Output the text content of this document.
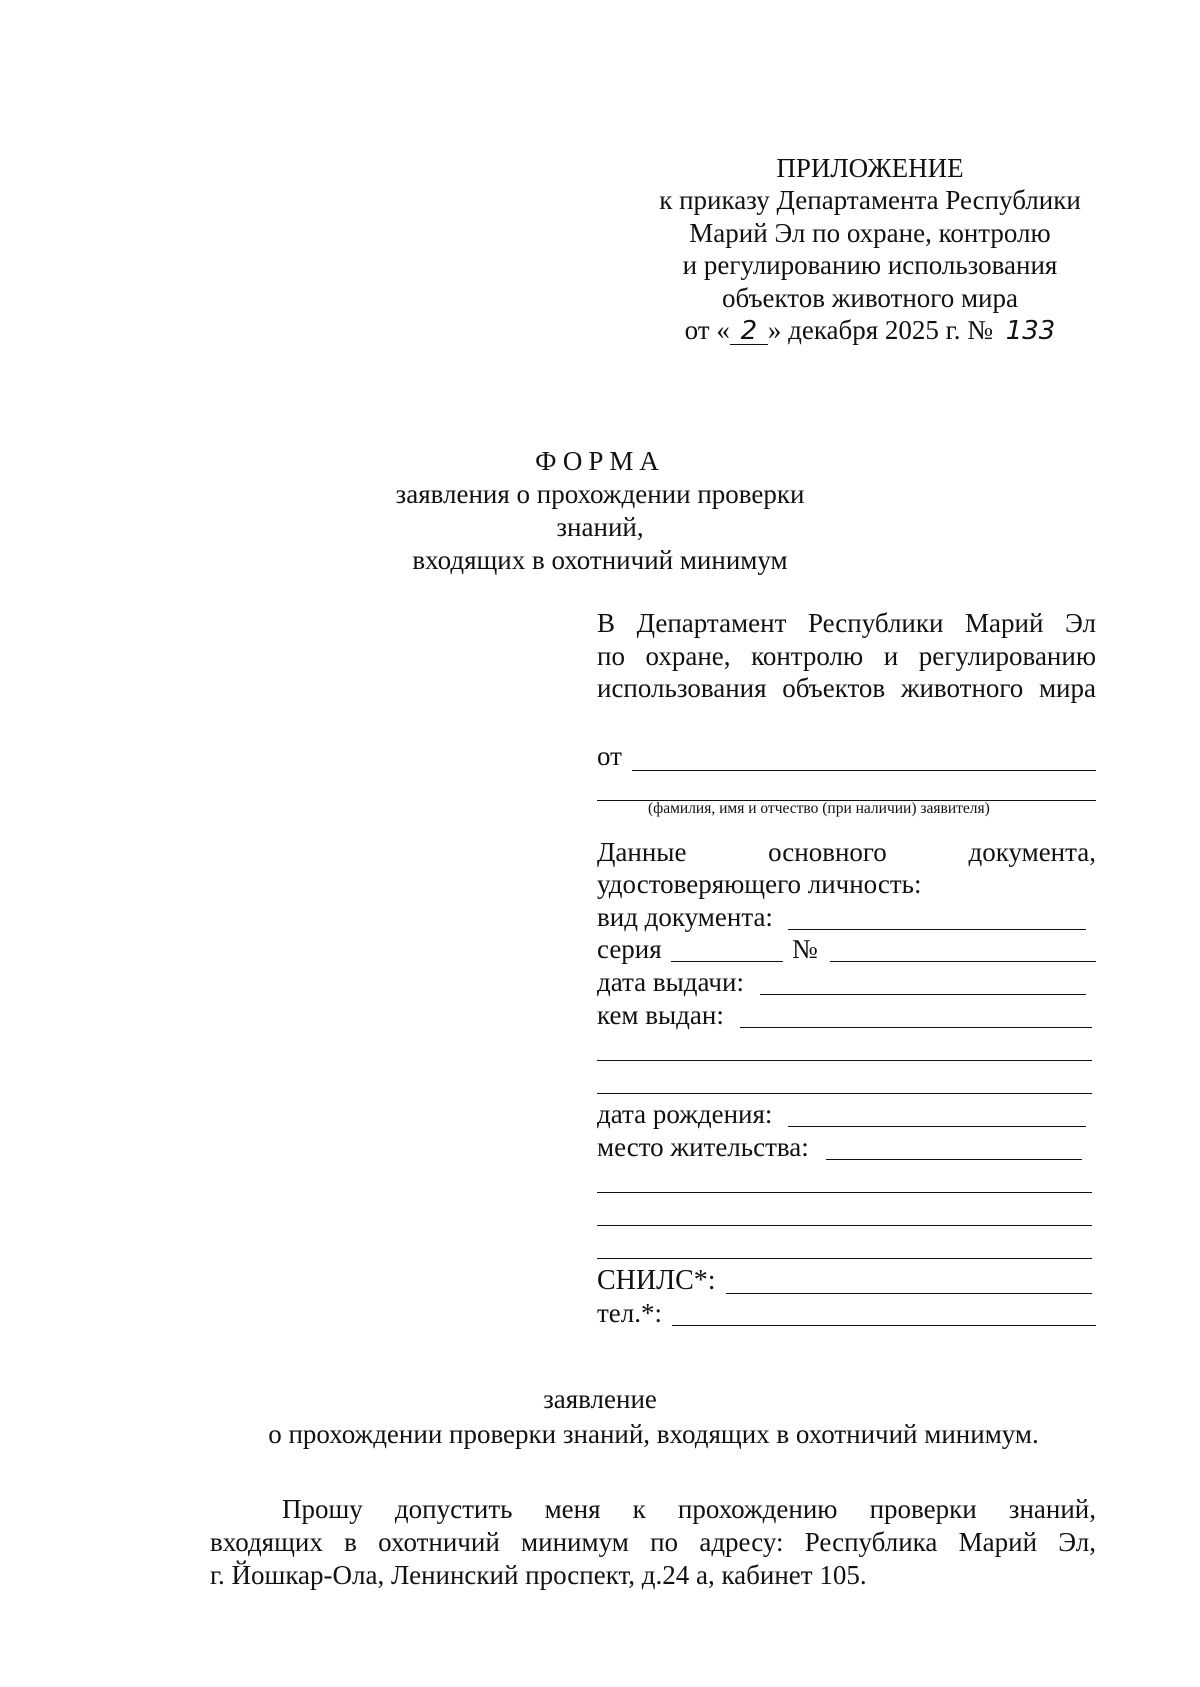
ПРИЛОЖЕНИЕ
к приказу Департамента Республики
Марий Эл по охране, контролю
и регулированию использования
объектов животного мира
от « 2 » декабря 2025 г. № 133
ФОРМА
заявления о прохождении проверки знаний,
входящих в охотничий минимум
В Департамент Республики Марий Эл
по охране, контролю и регулированию
использования объектов животного мира
от
(фамилия, имя и отчество (при наличии) заявителя)
Данные основного документа,
удостоверяющего личность:
вид документа:
серия	№
дата выдачи:
кем выдан:
дата рождения:
место жительства:
СНИЛС*:
тел.*:
заявление
о прохождении проверки знаний, входящих в охотничий минимум.
Прошу допустить меня к прохождению проверки знаний,
входящих в охотничий минимум по адресу: Республика Марий Эл,
г. Йошкар-Ола, Ленинский проспект, д.24 а, кабинет 105.
